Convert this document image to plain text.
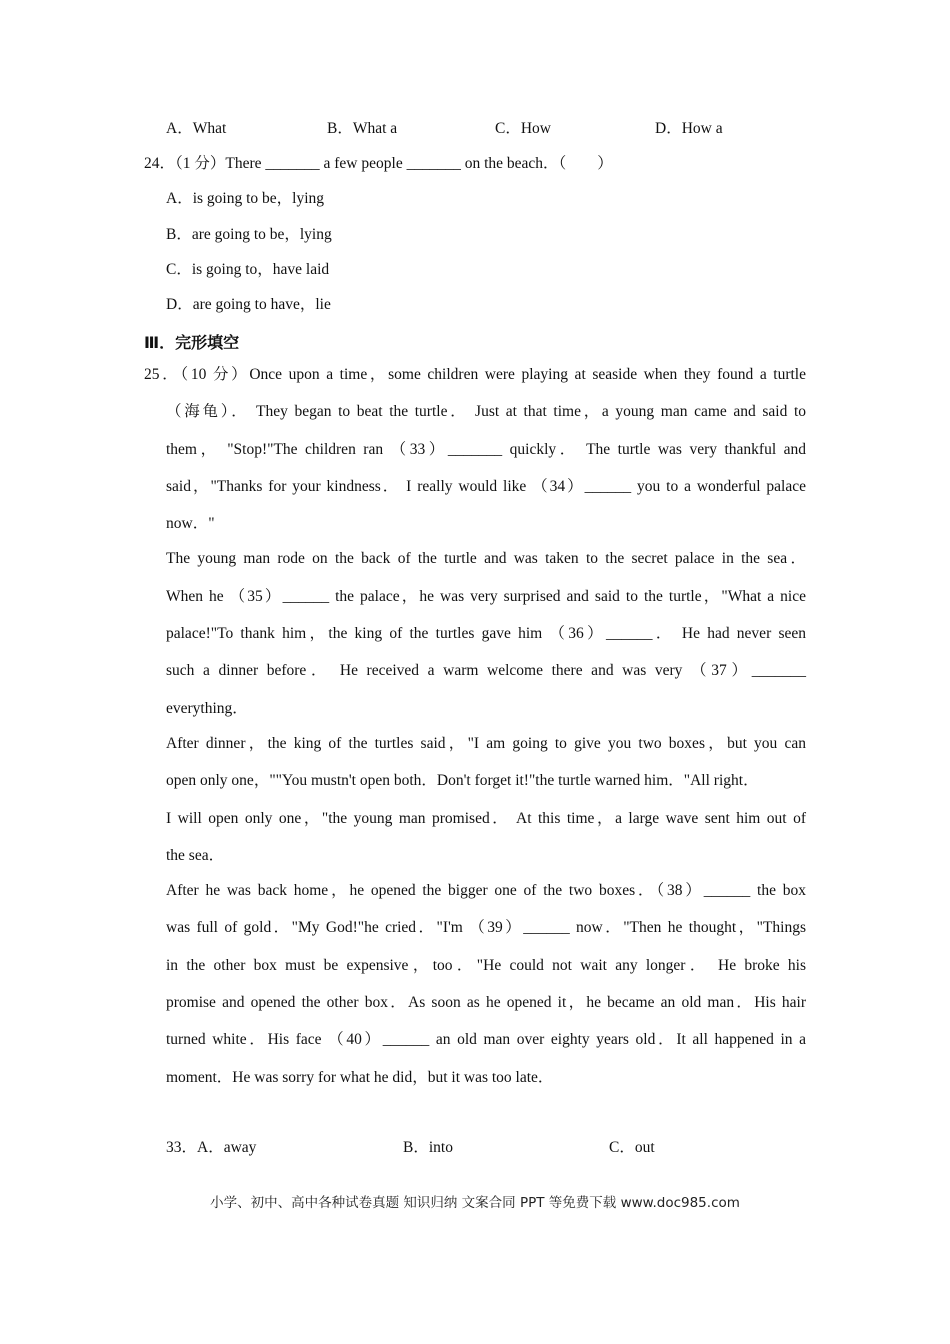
A．What	B．What a	C．How	D．How a
24．（1 分）There _______ a few people _______ on the beach．（　　）
A．is going to be，lying
B．are going to be，lying
C．is going to，have laid
D．are going to have，lie
Ⅲ．完形填空
25．（10 分）Once upon a time，some children were playing at seaside when they found a turtle
（海龟）． They began to beat the turtle． Just at that time，a young man came and said to
them， "Stop!"The children ran （33）_______ quickly． The turtle was very thankful and
said，"Thanks for your kindness． I really would like （34）______ you to a wonderful palace
now．"
The young man rode on the back of the turtle and was taken to the secret palace in the sea．
When he （35）______ the palace，he was very surprised and said to the turtle，"What a nice
palace!"To thank him，the king of the turtles gave him （36）______． He had never seen
such a dinner before． He received a warm welcome there and was very （37）_______
everything．
After dinner，the king of the turtles said，"I am going to give you two boxes，but you can
open only one，""You mustn't open both．Don't forget it!"the turtle warned him．"All right．
I will open only one，"the young man promised． At this time，a large wave sent him out of
the sea．
After he was back home，he opened the bigger one of the two boxes．（38）______ the box
was full of gold．"My God!"he cried．"I'm （39）______ now．"Then he thought，"Things
in the other box must be expensive，too．"He could not wait any longer． He broke his
promise and opened the other box．As soon as he opened it，he became an old man．His hair
turned white．His face （40）______ an old man over eighty years old．It all happened in a
moment．He was sorry for what he did，but it was too late．
33．A．away	B．into	C．out
小学、初中、高中各种试卷真题 知识归纳 文案合同 PPT 等免费下载 www.doc985.com
